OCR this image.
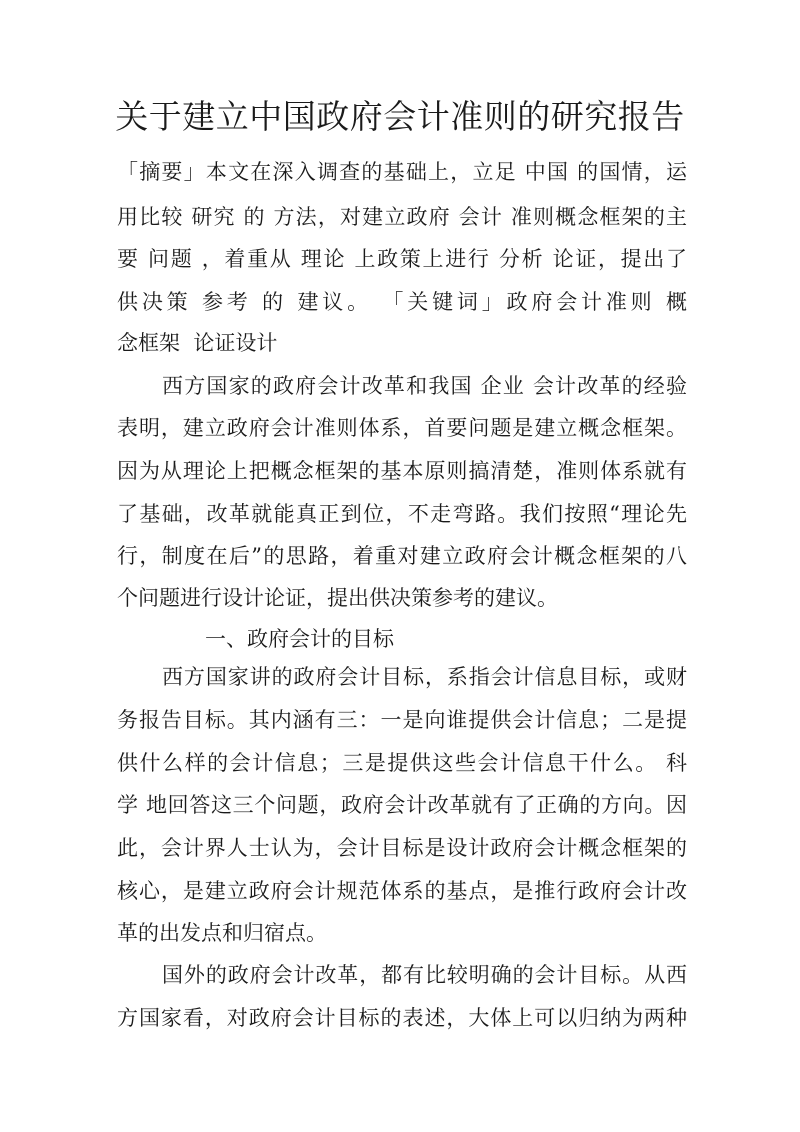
关于建立中国政府会计准则的研究报告
「摘要」本文在深入调查的基础上，立足 中国 的国情，运
用比较 研究 的 方法，对建立政府 会计 准则概念框架的主
要 问题 ，着重从 理论 上政策上进行 分析 论证，提出了
供决策 参考 的 建议。 「关键词」政府会计准则 概
念框架  论证设计
西方国家的政府会计改革和我国 企业 会计改革的经验
表明，建立政府会计准则体系，首要问题是建立概念框架。
因为从理论上把概念框架的基本原则搞清楚，准则体系就有
了基础，改革就能真正到位，不走弯路。我们按照“理论先
行，制度在后”的思路，着重对建立政府会计概念框架的八
个问题进行设计论证，提出供决策参考的建议。
一、政府会计的目标
西方国家讲的政府会计目标，系指会计信息目标，或财
务报告目标。其内涵有三：一是向谁提供会计信息；二是提
供什么样的会计信息；三是提供这些会计信息干什么。 科
学 地回答这三个问题，政府会计改革就有了正确的方向。因
此，会计界人士认为，会计目标是设计政府会计概念框架的
核心，是建立政府会计规范体系的基点，是推行政府会计改
革的出发点和归宿点。
国外的政府会计改革，都有比较明确的会计目标。从西
方国家看，对政府会计目标的表述，大体上可以归纳为两种
